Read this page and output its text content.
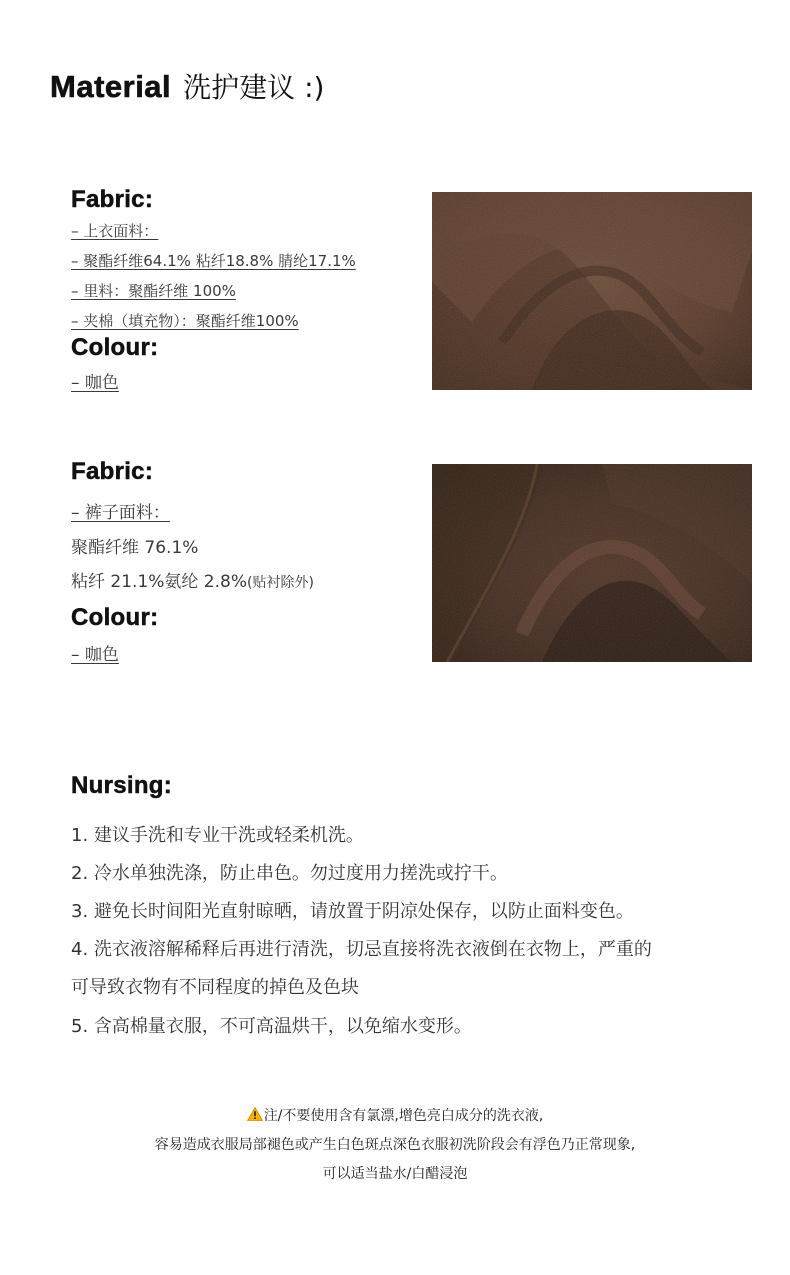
Material 洗护建议 :)
Fabric:
– 上衣面料：
– 聚酯纤维64.1% 粘纤18.8% 腈纶17.1%
– 里料：聚酯纤维 100%
– 夹棉（填充物）：聚酯纤维100%
Colour:
– 咖色
Fabric:
– 裤子面料：
聚酯纤维 76.1%
粘纤 21.1%氨纶 2.8%(贴衬除外)
Colour:
– 咖色
Nursing:
1. 建议手洗和专业干洗或轻柔机洗。
2. 冷水单独洗涤，防止串色。勿过度用力搓洗或拧干。
3. 避免长时间阳光直射晾晒，请放置于阴凉处保存，以防止面料变色。
4. 洗衣液溶解稀释后再进行清洗，切忌直接将洗衣液倒在衣物上，严重的
可导致衣物有不同程度的掉色及色块
5. 含高棉量衣服，不可高温烘干，以免缩水变形。
注/不要使用含有氯漂,增色亮白成分的洗衣液,
容易造成衣服局部褪色或产生白色斑点深色衣服初洗阶段会有浮色乃正常现象,
可以适当盐水/白醋浸泡
